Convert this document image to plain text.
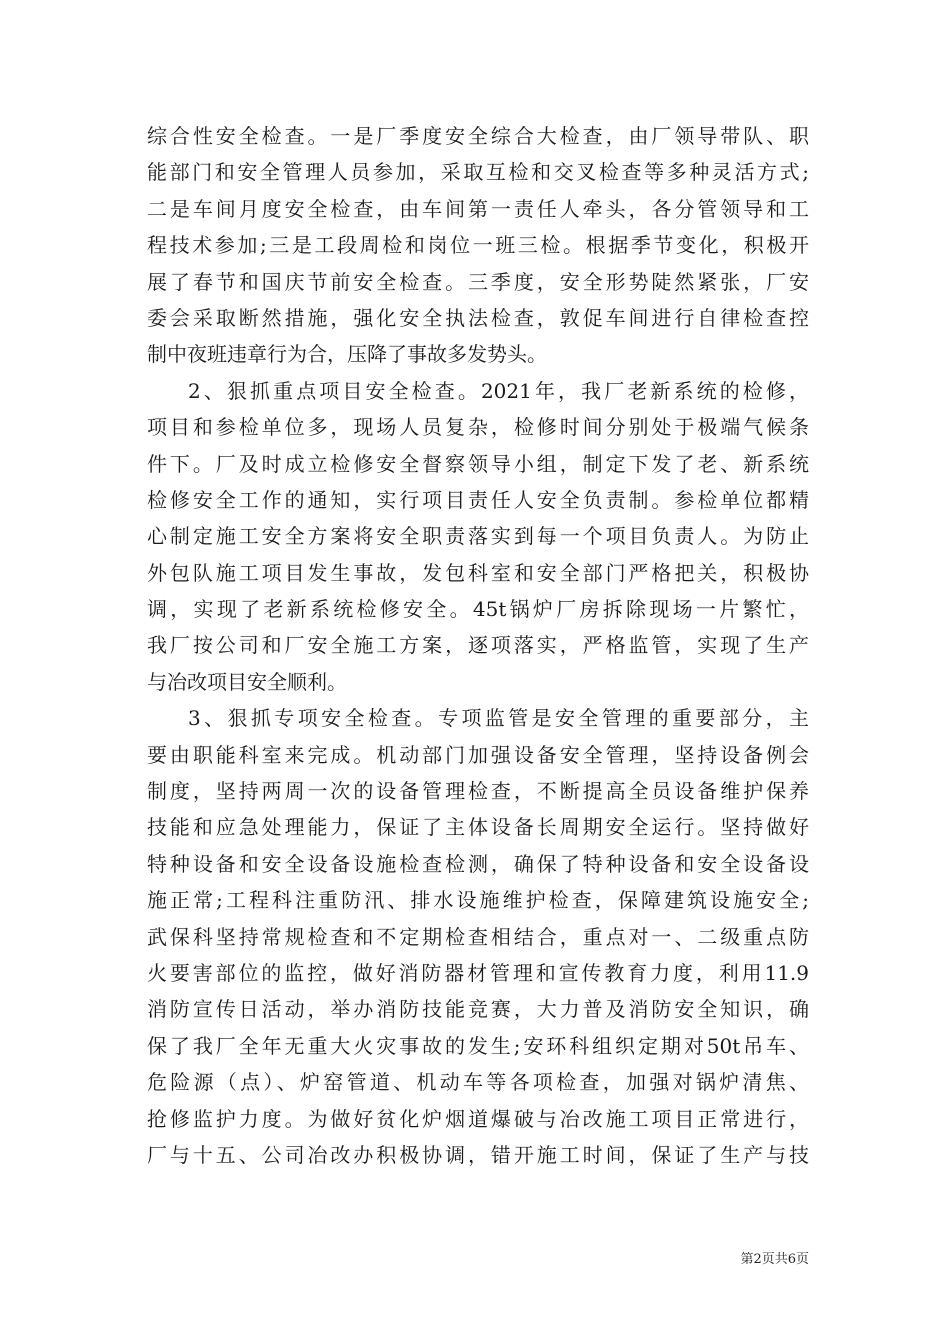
综合性安全检查。一是厂季度安全综合大检查，由厂领导带队、职
能部门和安全管理人员参加，采取互检和交叉检查等多种灵活方式;
二是车间月度安全检查，由车间第一责任人牵头，各分管领导和工
程技术参加;三是工段周检和岗位一班三检。根据季节变化，积极开
展了春节和国庆节前安全检查。三季度，安全形势陡然紧张，厂安
委会采取断然措施，强化安全执法检查，敦促车间进行自律检查控
制中夜班违章行为合，压降了事故多发势头。
2、狠抓重点项目安全检查。2021年，我厂老新系统的检修，
项目和参检单位多，现场人员复杂，检修时间分别处于极端气候条
件下。厂及时成立检修安全督察领导小组，制定下发了老、新系统
检修安全工作的通知，实行项目责任人安全负责制。参检单位都精
心制定施工安全方案将安全职责落实到每一个项目负责人。为防止
外包队施工项目发生事故，发包科室和安全部门严格把关，积极协
调，实现了老新系统检修安全。45t锅炉厂房拆除现场一片繁忙，
我厂按公司和厂安全施工方案，逐项落实，严格监管，实现了生产
与冶改项目安全顺利。
3、狠抓专项安全检查。专项监管是安全管理的重要部分，主
要由职能科室来完成。机动部门加强设备安全管理，坚持设备例会
制度，坚持两周一次的设备管理检查，不断提高全员设备维护保养
技能和应急处理能力，保证了主体设备长周期安全运行。坚持做好
特种设备和安全设备设施检查检测，确保了特种设备和安全设备设
施正常;工程科注重防汛、排水设施维护检查，保障建筑设施安全;
武保科坚持常规检查和不定期检查相结合，重点对一、二级重点防
火要害部位的监控，做好消防器材管理和宣传教育力度，利用11.9
消防宣传日活动，举办消防技能竞赛，大力普及消防安全知识，确
保了我厂全年无重大火灾事故的发生;安环科组织定期对50t吊车、
危险源（点）、炉窑管道、机动车等各项检查，加强对锅炉清焦、
抢修监护力度。为做好贫化炉烟道爆破与冶改施工项目正常进行，
厂与十五、公司冶改办积极协调，错开施工时间，保证了生产与技
第2页共6页
